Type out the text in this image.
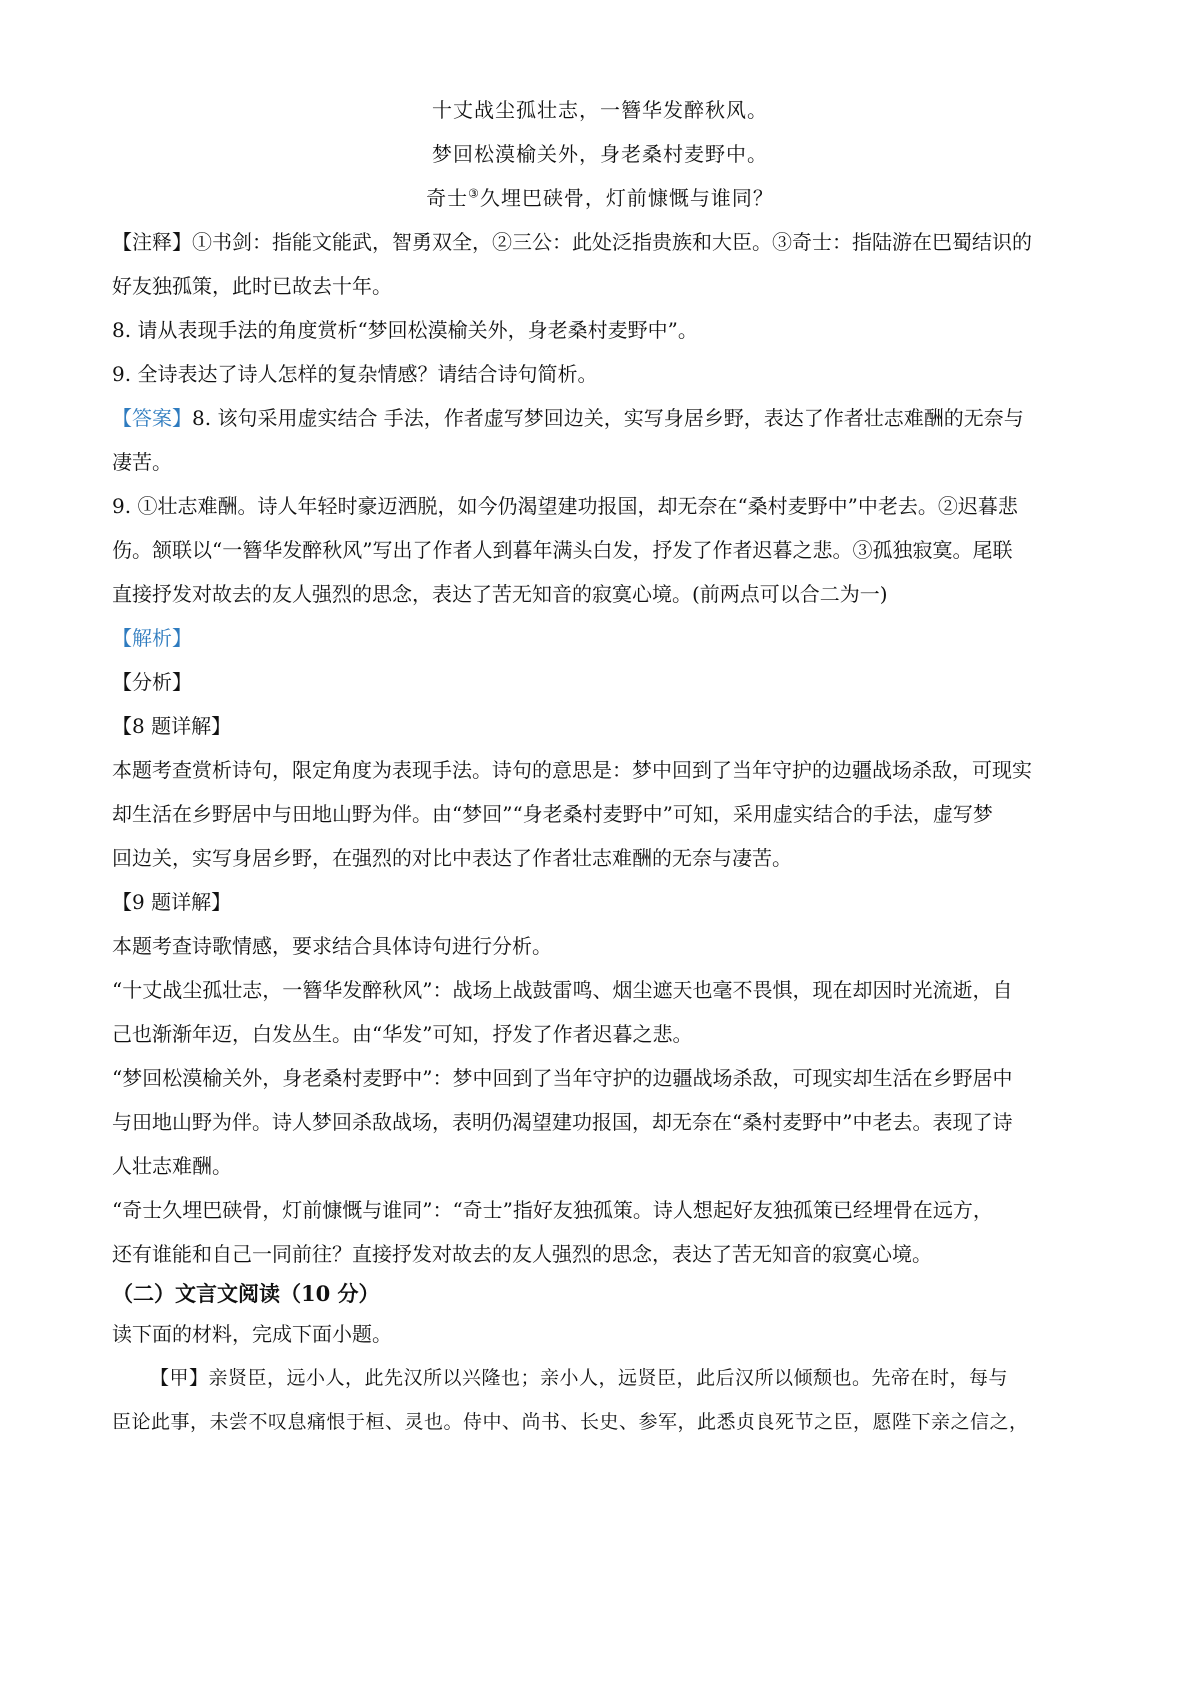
十丈战尘孤壮志，一簪华发醉秋风。
梦回松漠榆关外，身老桑村麦野中。
奇士③久埋巴硖骨，灯前慷慨与谁同？
【注释】①书剑：指能文能武，智勇双全，②三公：此处泛指贵族和大臣。③奇士：指陆游在巴蜀结识的
好友独孤策，此时已故去十年。
8. 请从表现手法的角度赏析“梦回松漠榆关外，身老桑村麦野中”。
9. 全诗表达了诗人怎样的复杂情感？请结合诗句简析。
【答案】8. 该句采用虚实结合 手法，作者虚写梦回边关，实写身居乡野，表达了作者壮志难酬的无奈与
凄苦。
9. ①壮志难酬。诗人年轻时豪迈洒脱，如今仍渴望建功报国，却无奈在“桑村麦野中”中老去。②迟暮悲
伤。颔联以“一簪华发醉秋风”写出了作者人到暮年满头白发，抒发了作者迟暮之悲。③孤独寂寞。尾联
直接抒发对故去的友人强烈的思念，表达了苦无知音的寂寞心境。(前两点可以合二为一)
【解析】
【分析】
【8 题详解】
本题考查赏析诗句，限定角度为表现手法。诗句的意思是：梦中回到了当年守护的边疆战场杀敌，可现实
却生活在乡野居中与田地山野为伴。由“梦回”“身老桑村麦野中”可知，采用虚实结合的手法，虚写梦
回边关，实写身居乡野，在强烈的对比中表达了作者壮志难酬的无奈与凄苦。
【9 题详解】
本题考查诗歌情感，要求结合具体诗句进行分析。
“十丈战尘孤壮志，一簪华发醉秋风”：战场上战鼓雷鸣、烟尘遮天也毫不畏惧，现在却因时光流逝，自
己也渐渐年迈，白发丛生。由“华发”可知，抒发了作者迟暮之悲。
“梦回松漠榆关外，身老桑村麦野中”：梦中回到了当年守护的边疆战场杀敌，可现实却生活在乡野居中
与田地山野为伴。诗人梦回杀敌战场，表明仍渴望建功报国，却无奈在“桑村麦野中”中老去。表现了诗
人壮志难酬。
“奇士久埋巴硖骨，灯前慷慨与谁同”：“奇士”指好友独孤策。诗人想起好友独孤策已经埋骨在远方，
还有谁能和自己一同前往？直接抒发对故去的友人强烈的思念，表达了苦无知音的寂寞心境。
（二）文言文阅读（10 分）
读下面的材料，完成下面小题。
【甲】亲贤臣，远小人，此先汉所以兴隆也；亲小人，远贤臣，此后汉所以倾颓也。先帝在时，每与
臣论此事，未尝不叹息痛恨于桓、灵也。侍中、尚书、长史、参军，此悉贞良死节之臣，愿陛下亲之信之，
